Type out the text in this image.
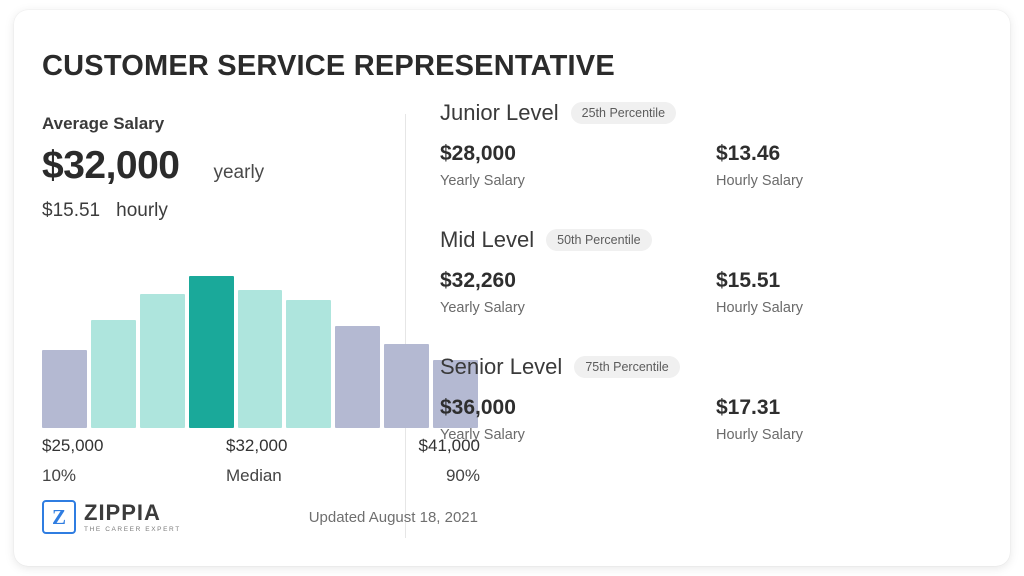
CUSTOMER SERVICE REPRESENTATIVE
Average Salary
$32,000 yearly
$15.51 hourly
$25,000
10%
$32,000
Median
$41,000
90%
Z ZIPPIA
THE CAREER EXPERT
Updated August 18, 2021
Junior Level	25th Percentile
$28,000
Yearly Salary
$13.46
Hourly Salary
Mid Level	50th Percentile
$32,260
Yearly Salary
$15.51
Hourly Salary
Senior Level	75th Percentile
$36,000
Yearly Salary
$17.31
Hourly Salary
